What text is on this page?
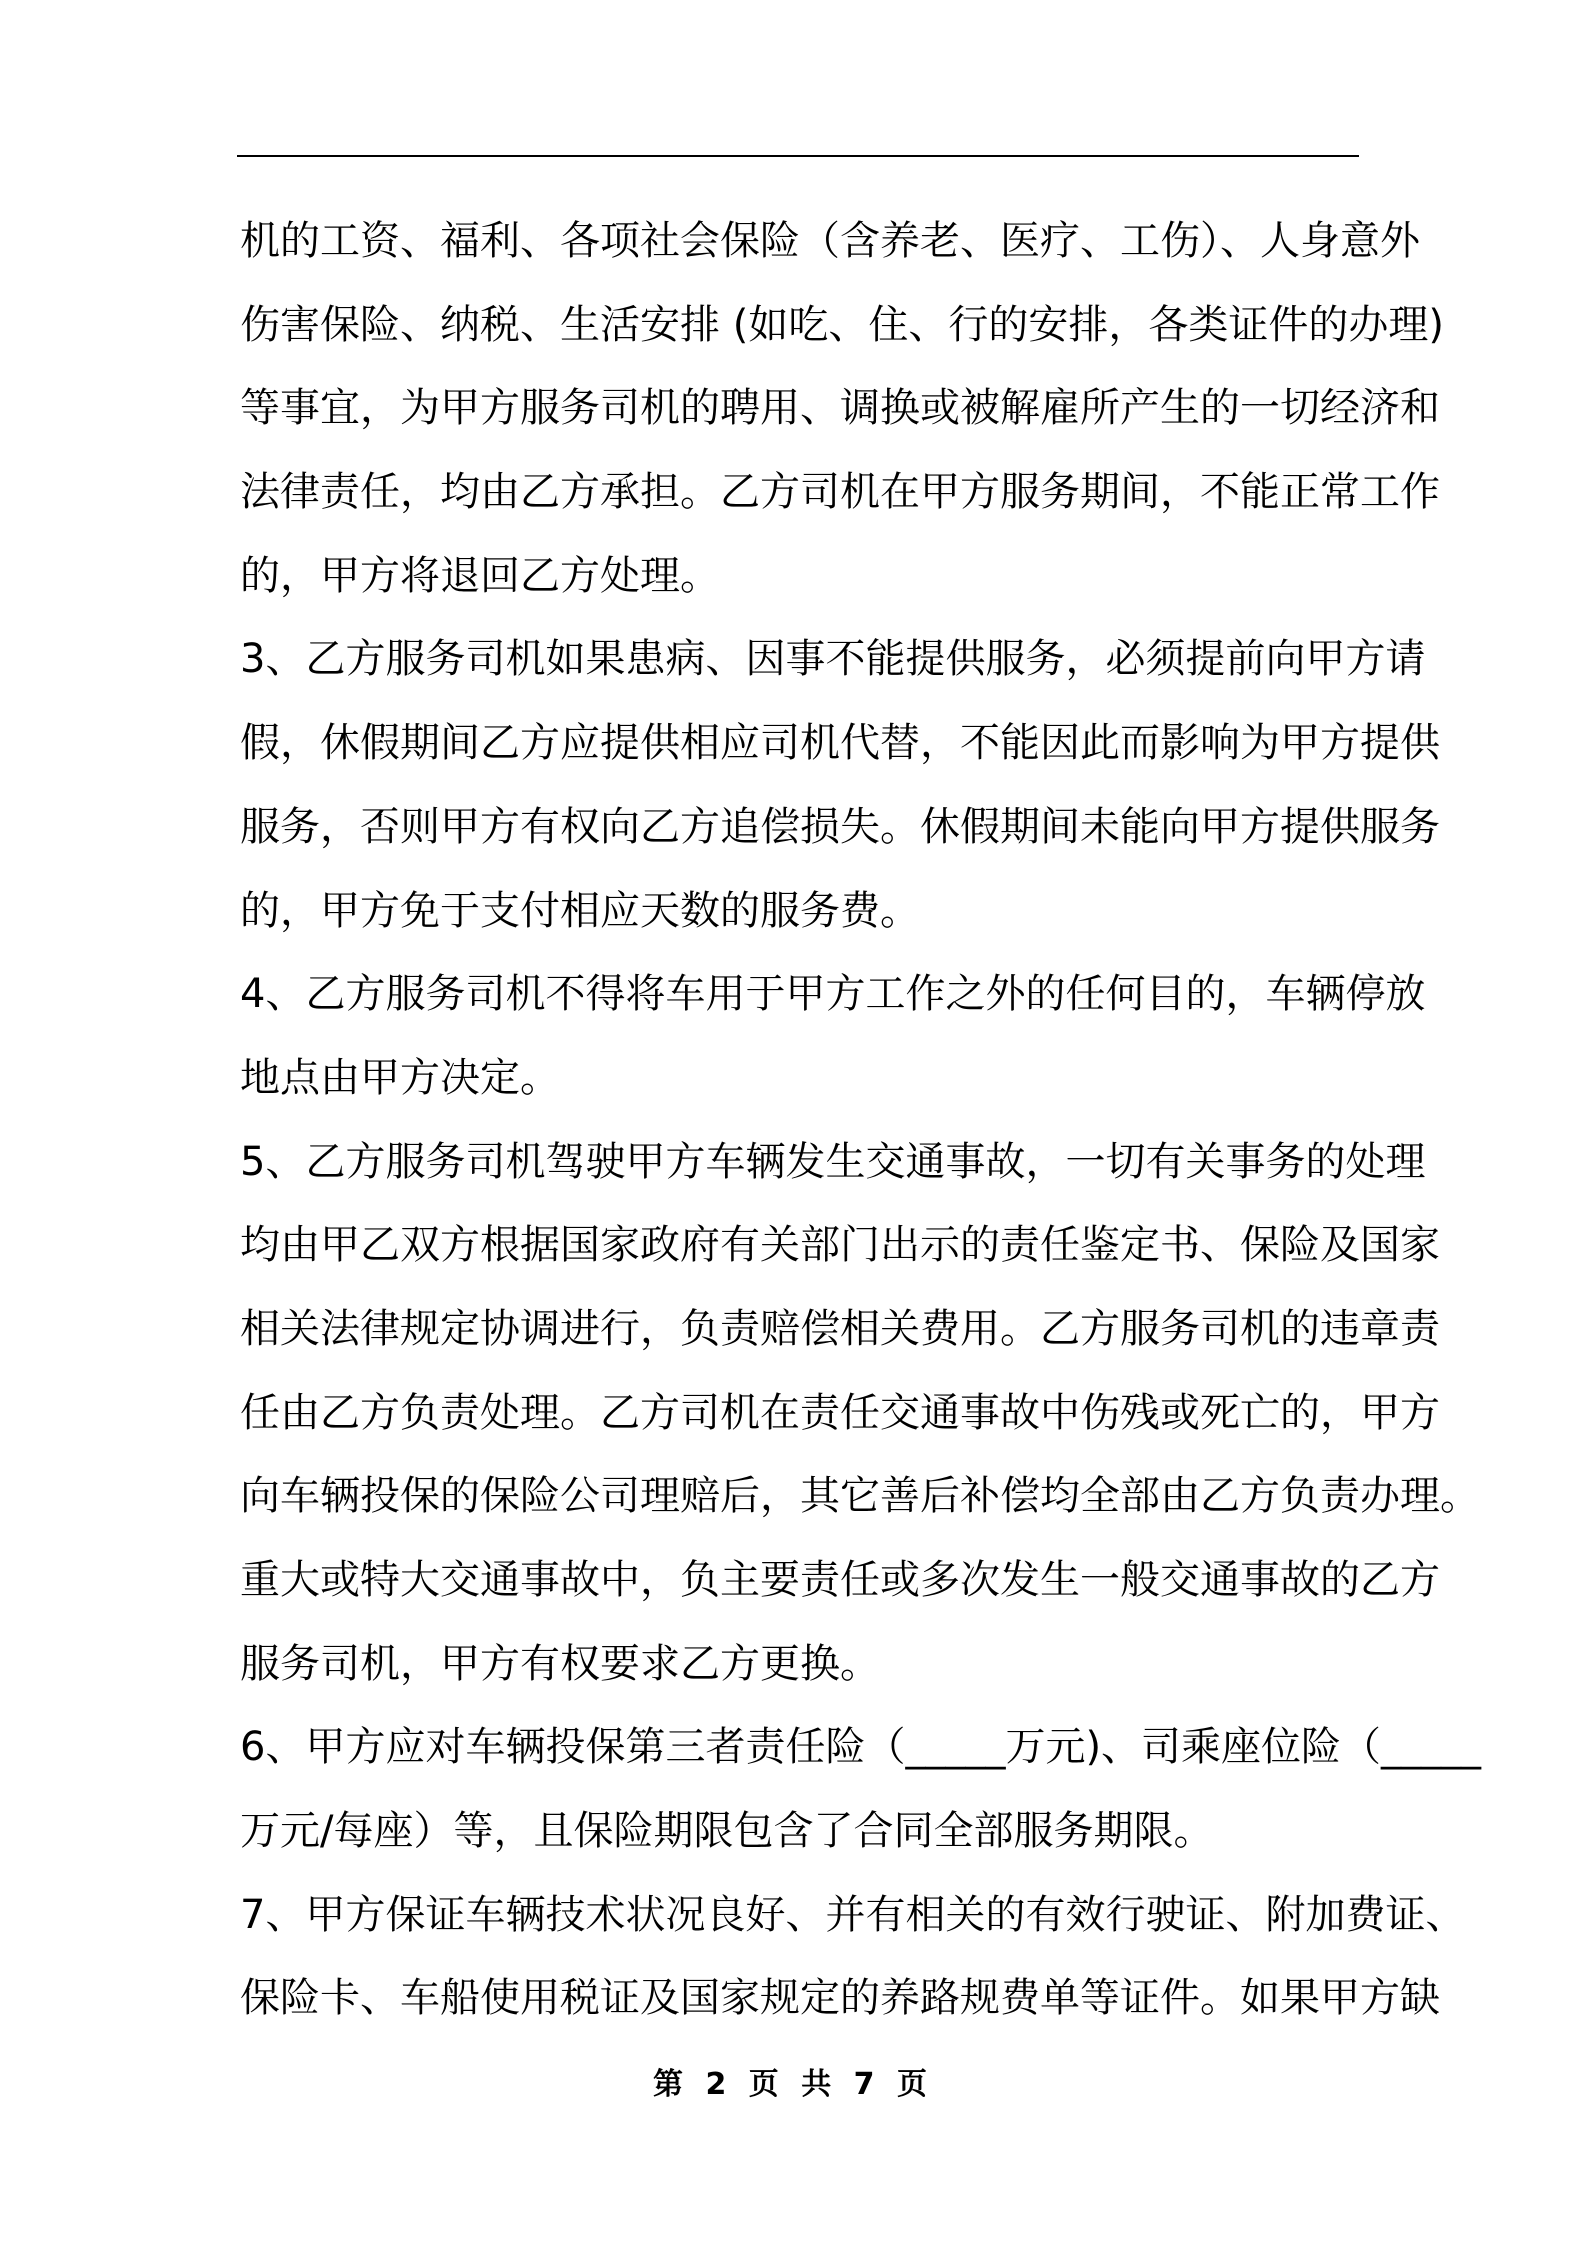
机的工资、福利、各项社会保险（含养老、医疗、工伤）、人身意外
伤害保险、纳税、生活安排 (如吃、住、行的安排，各类证件的办理)
等事宜，为甲方服务司机的聘用、调换或被解雇所产生的一切经济和
法律责任，均由乙方承担。乙方司机在甲方服务期间，不能正常工作
的，甲方将退回乙方处理。
3、乙方服务司机如果患病、因事不能提供服务，必须提前向甲方请
假，休假期间乙方应提供相应司机代替，不能因此而影响为甲方提供
服务，否则甲方有权向乙方追偿损失。休假期间未能向甲方提供服务
的，甲方免于支付相应天数的服务费。
4、乙方服务司机不得将车用于甲方工作之外的任何目的，车辆停放
地点由甲方决定。
5、乙方服务司机驾驶甲方车辆发生交通事故，一切有关事务的处理
均由甲乙双方根据国家政府有关部门出示的责任鉴定书、保险及国家
相关法律规定协调进行，负责赔偿相关费用。乙方服务司机的违章责
任由乙方负责处理。乙方司机在责任交通事故中伤残或死亡的，甲方
向车辆投保的保险公司理赔后，其它善后补偿均全部由乙方负责办理。
重大或特大交通事故中，负主要责任或多次发生一般交通事故的乙方
服务司机，甲方有权要求乙方更换。
6、甲方应对车辆投保第三者责任险（_____万元)、司乘座位险（_____
万元/每座）等，且保险期限包含了合同全部服务期限。
7、甲方保证车辆技术状况良好、并有相关的有效行驶证、附加费证、
保险卡、车船使用税证及国家规定的养路规费单等证件。如果甲方缺
第 2 页 共 7 页
